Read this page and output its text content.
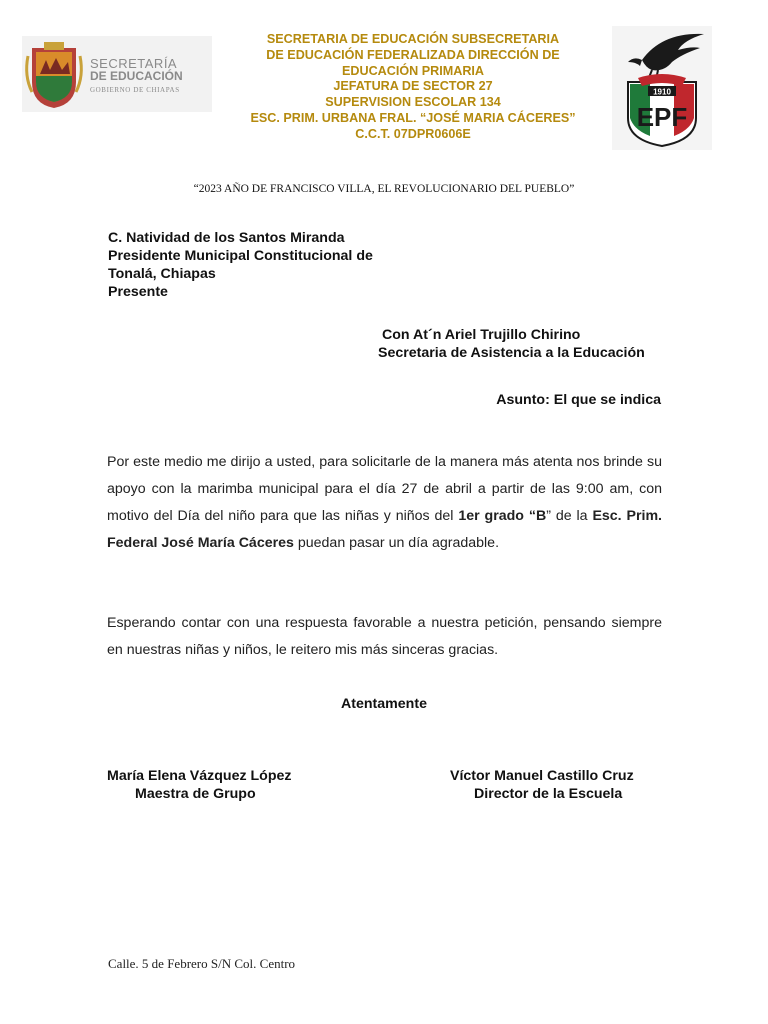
SECRETARÍA
DE EDUCACIÓN
GOBIERNO DE CHIAPAS
SECRETARIA DE EDUCACIÓN SUBSECRETARIA
DE EDUCACIÓN FEDERALIZADA DIRECCIÓN DE
EDUCACIÓN PRIMARIA
JEFATURA DE SECTOR 27
SUPERVISION ESCOLAR 134
ESC. PRIM. URBANA FRAL. “JOSÉ MARIA CÁCERES”
C.C.T. 07DPR0606E
1910
EPF
“2023 AÑO DE FRANCISCO VILLA, EL REVOLUCIONARIO DEL PUEBLO”
C. Natividad de los Santos Miranda
Presidente Municipal Constitucional de
Tonalá, Chiapas
Presente
Con At´n Ariel Trujillo Chirino
Secretaria de Asistencia a la Educación
Asunto: El que se indica
Por este medio me dirijo a usted, para solicitarle de la manera más atenta nos brinde su apoyo con la marimba municipal para el día 27 de abril a partir de las 9:00 am, con motivo del Día del niño para que las niñas y niños del 1er grado “B” de la Esc. Prim. Federal José María Cáceres puedan pasar un día agradable.
Esperando contar con una respuesta favorable a nuestra petición, pensando siempre en nuestras niñas y niños, le reitero mis más sinceras gracias.
Atentamente
María Elena Vázquez López
Maestra de Grupo
Víctor Manuel Castillo Cruz
Director de la Escuela
Calle. 5 de Febrero S/N Col. Centro
